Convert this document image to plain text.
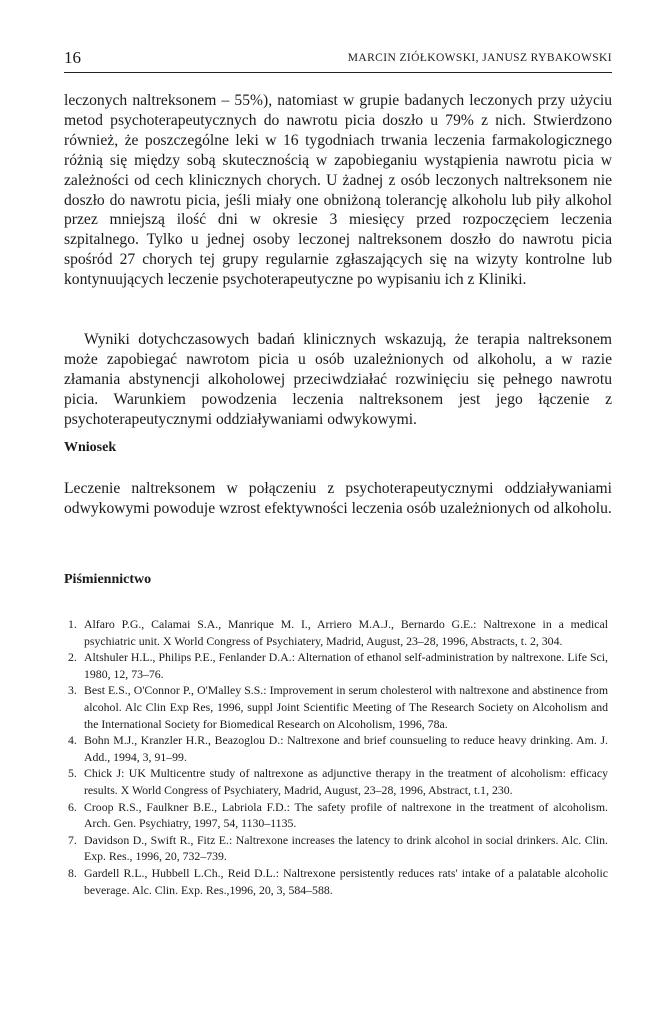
16	MARCIN ZIÓŁKOWSKI, JANUSZ RYBAKOWSKI

leczonych naltreksonem – 55%), natomiast w grupie badanych leczonych przy użyciu metod psychoterapeutycznych do nawrotu picia doszło u 79% z nich. Stwierdzono również, że poszczególne leki w 16 tygodniach trwania leczenia farmakologicznego różnią się między sobą skutecznością w zapobieganiu wystąpienia nawrotu picia w zależności od cech klinicznych chorych. U żadnej z osób leczonych naltreksonem nie doszło do nawrotu picia, jeśli miały one obniżoną tolerancję alkoholu lub piły alkohol przez mniejszą ilość dni w okresie 3 miesięcy przed rozpoczęciem leczenia szpitalnego. Tylko u jednej osoby leczonej naltreksonem doszło do nawrotu picia spośród 27 chorych tej grupy regularnie zgłaszających się na wizyty kontrolne lub kontynuujących leczenie psychoterapeutyczne po wypisaniu ich z Kliniki.

Wyniki dotychczasowych badań klinicznych wskazują, że terapia naltreksonem może zapobiegać nawrotom picia u osób uzależnionych od alkoholu, a w razie złamania abstynencji alkoholowej przeciwdziałać rozwinięciu się pełnego nawrotu picia. Warunkiem powodzenia leczenia naltreksonem jest jego łączenie z psychoterapeutycznymi oddziaływaniami odwykowymi.

Wniosek

Leczenie naltreksonem w połączeniu z psychoterapeutycznymi oddziaływaniami odwykowymi powoduje wzrost efektywności leczenia osób uzależnionych od alkoholu.

Piśmiennictwo
1. Alfaro P.G., Calamai S.A., Manrique M. I., Arriero M.A.J., Bernardo G.E.: Naltrexone in a medical psychiatric unit. X World Congress of Psychiatery, Madrid, August, 23–28, 1996, Abstracts, t. 2, 304.
2. Altshuler H.L., Philips P.E., Fenlander D.A.: Alternation of ethanol self-administration by naltrexone. Life Sci, 1980, 12, 73–76.
3. Best E.S., O'Connor P., O'Malley S.S.: Improvement in serum cholesterol with naltrexone and abstinence from alcohol. Alc Clin Exp Res, 1996, suppl Joint Scientific Meeting of The Research Society on Alcoholism and the International Society for Biomedical Research on Alcoholism, 1996, 78a.
4. Bohn M.J., Kranzler H.R., Beazoglou D.: Naltrexone and brief counsueling to reduce heavy drinking. Am. J. Add., 1994, 3, 91–99.
5. Chick J: UK Multicentre study of naltrexone as adjunctive therapy in the treatment of alcoholism: efficacy results. X World Congress of Psychiatery, Madrid, August, 23–28, 1996, Abstract, t.1, 230.
6. Croop R.S., Faulkner B.E., Labriola F.D.: The safety profile of naltrexone in the treatment of alcoholism. Arch. Gen. Psychiatry, 1997, 54, 1130–1135.
7. Davidson D., Swift R., Fitz E.: Naltrexone increases the latency to drink alcohol in social drinkers. Alc. Clin. Exp. Res., 1996, 20, 732–739.
8. Gardell R.L., Hubbell L.Ch., Reid D.L.: Naltrexone persistently reduces rats' intake of a palatable alcoholic beverage. Alc. Clin. Exp. Res.,1996, 20, 3, 584–588.
